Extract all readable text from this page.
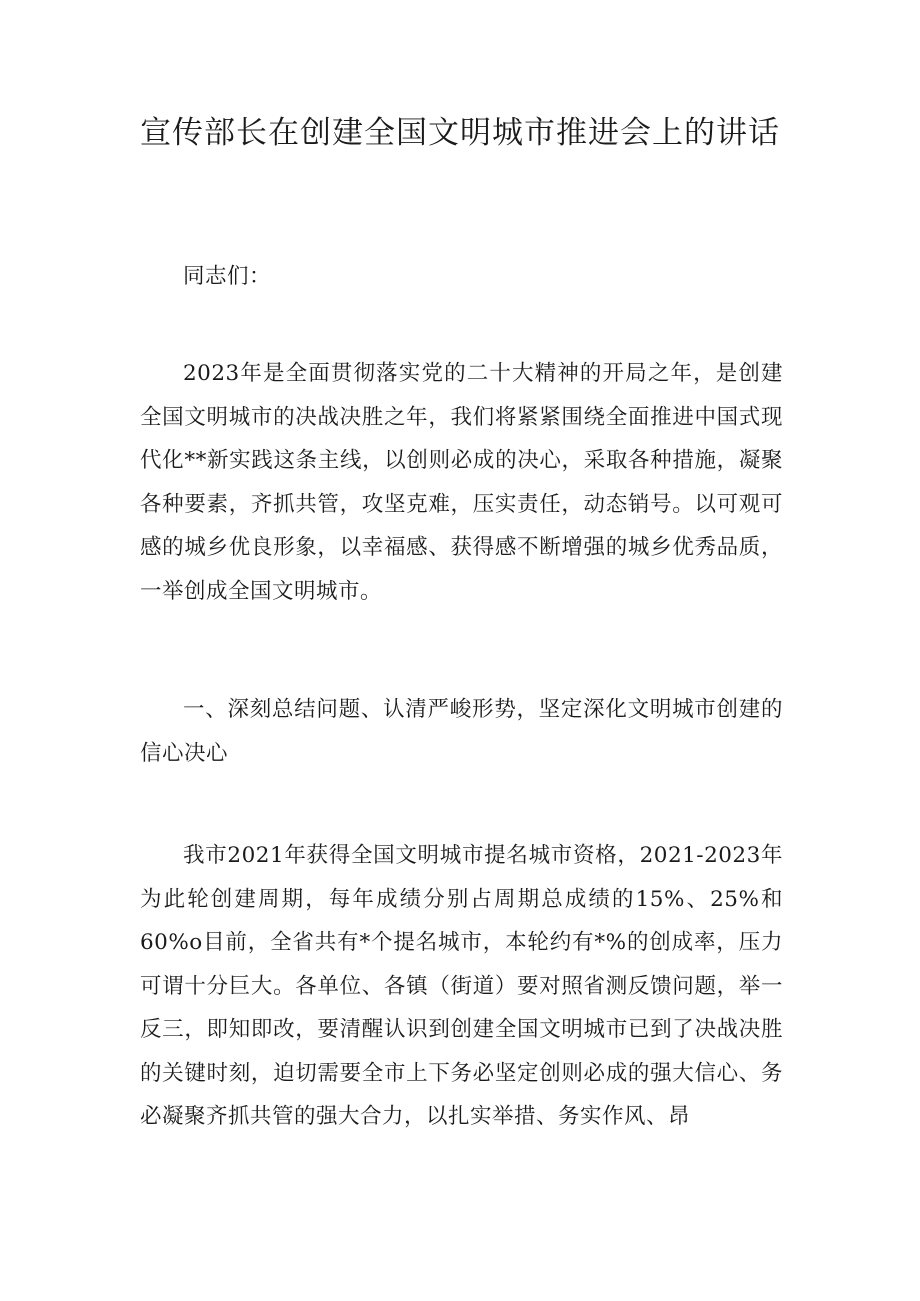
宣传部长在创建全国文明城市推进会上的讲话

同志们：

2023年是全面贯彻落实党的二十大精神的开局之年，是创建全国文明城市的决战决胜之年，我们将紧紧围绕全面推进中国式现代化**新实践这条主线，以创则必成的决心，采取各种措施，凝聚各种要素，齐抓共管，攻坚克难，压实责任，动态销号。以可观可感的城乡优良形象，以幸福感、获得感不断增强的城乡优秀品质，一举创成全国文明城市。

一、深刻总结问题、认清严峻形势，坚定深化文明城市创建的信心决心

我市2021年获得全国文明城市提名城市资格，2021-2023年为此轮创建周期，每年成绩分别占周期总成绩的15%、25%和60%o目前，全省共有*个提名城市，本轮约有*%的创成率，压力可谓十分巨大。各单位、各镇（街道）要对照省测反馈问题，举一反三，即知即改，要清醒认识到创建全国文明城市已到了决战决胜的关键时刻，迫切需要全市上下务必坚定创则必成的强大信心、务必凝聚齐抓共管的强大合力，以扎实举措、务实作风、昂
